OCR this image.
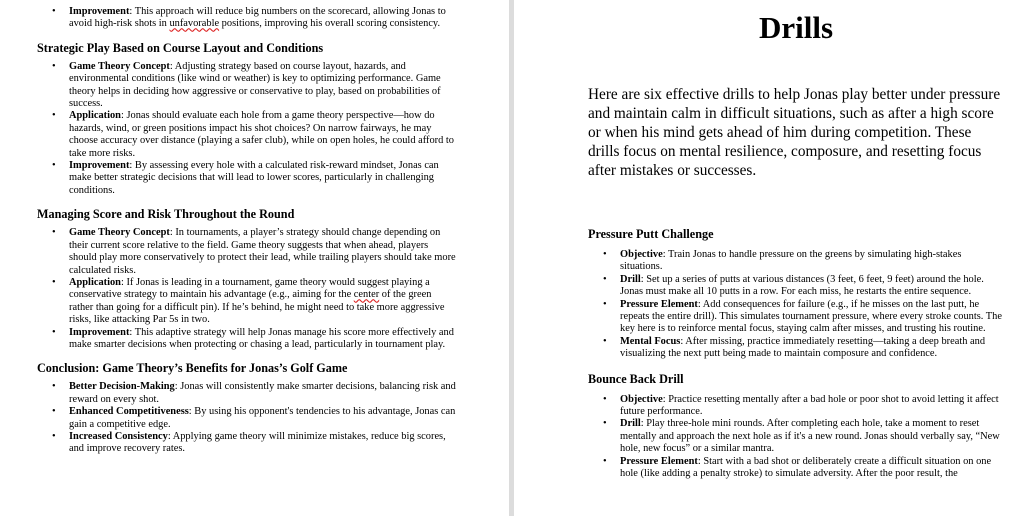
• Improvement: This approach will reduce big numbers on the scorecard, allowing Jonas to avoid high-risk shots in unfavorable positions, improving his overall scoring consistency.
Strategic Play Based on Course Layout and Conditions
• Game Theory Concept: Adjusting strategy based on course layout, hazards, and environmental conditions (like wind or weather) is key to optimizing performance. Game theory helps in deciding how aggressive or conservative to play, based on probabilities of success.
• Application: Jonas should evaluate each hole from a game theory perspective—how do hazards, wind, or green positions impact his shot choices? On narrow fairways, he may choose accuracy over distance (playing a safer club), while on open holes, he could afford to take more risks.
• Improvement: By assessing every hole with a calculated risk-reward mindset, Jonas can make better strategic decisions that will lead to lower scores, particularly in challenging conditions.
Managing Score and Risk Throughout the Round
• Game Theory Concept: In tournaments, a player’s strategy should change depending on their current score relative to the field. Game theory suggests that when ahead, players should play more conservatively to protect their lead, while trailing players should take more calculated risks.
• Application: If Jonas is leading in a tournament, game theory would suggest playing a conservative strategy to maintain his advantage (e.g., aiming for the center of the green rather than going for a difficult pin). If he’s behind, he might need to take more aggressive risks, like attacking Par 5s in two.
• Improvement: This adaptive strategy will help Jonas manage his score more effectively and make smarter decisions when protecting or chasing a lead, particularly in tournament play.
Conclusion: Game Theory’s Benefits for Jonas’s Golf Game
• Better Decision-Making: Jonas will consistently make smarter decisions, balancing risk and reward on every shot.
• Enhanced Competitiveness: By using his opponent's tendencies to his advantage, Jonas can gain a competitive edge.
• Increased Consistency: Applying game theory will minimize mistakes, reduce big scores, and improve recovery rates.
Drills

Here are six effective drills to help Jonas play better under pressure and maintain calm in difficult situations, such as after a high score or when his mind gets ahead of him during competition. These drills focus on mental resilience, composure, and resetting focus after mistakes or successes.

Pressure Putt Challenge
• Objective: Train Jonas to handle pressure on the greens by simulating high-stakes situations.
• Drill: Set up a series of putts at various distances (3 feet, 6 feet, 9 feet) around the hole. Jonas must make all 10 putts in a row. For each miss, he restarts the entire sequence.
• Pressure Element: Add consequences for failure (e.g., if he misses on the last putt, he repeats the entire drill). This simulates tournament pressure, where every stroke counts. The key here is to reinforce mental focus, staying calm after misses, and trusting his routine.
• Mental Focus: After missing, practice immediately resetting—taking a deep breath and visualizing the next putt being made to maintain composure and confidence.
Bounce Back Drill
• Objective: Practice resetting mentally after a bad hole or poor shot to avoid letting it affect future performance.
• Drill: Play three-hole mini rounds. After completing each hole, take a moment to reset mentally and approach the next hole as if it's a new round. Jonas should verbally say, “New hole, new focus” or a similar mantra.
• Pressure Element: Start with a bad shot or deliberately create a difficult situation on one hole (like adding a penalty stroke) to simulate adversity. After the poor result, the
